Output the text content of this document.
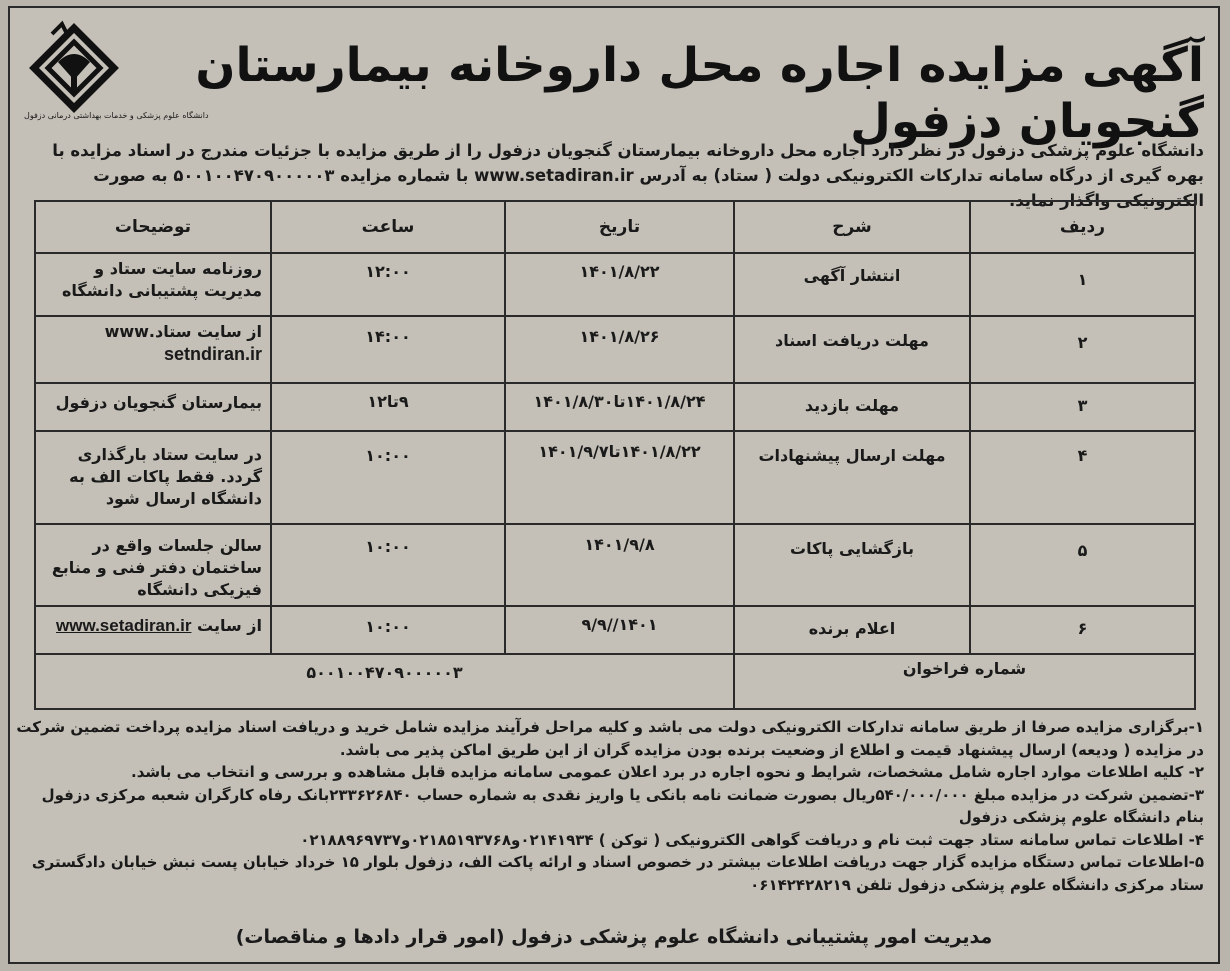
دانشگاه علوم پزشکی و خدمات بهداشتی درمانی دزفول
آگهی مزایده اجاره محل داروخانه بیمارستان گنجویان دزفول
دانشگاه علوم پزشکی دزفول در نظر دارد اجاره محل داروخانه بیمارستان گنجویان دزفول را از طریق مزایده با جزئیات مندرج در اسناد مزایده با بهره گیری از درگاه سامانه تدارکات الکترونیکی دولت ( ستاد) به آدرس www.setadiran.ir با شماره مزایده ۵۰۰۱۰۰۴۷۰۹۰۰۰۰۰۳ به صورت الکترونیکی واگذار نماید.
ردیف	شرح	تاریخ	ساعت	توضیحات
۱	انتشار آگهی	۱۴۰۱/۸/۲۲	۱۲:۰۰	روزنامه سایت ستاد و مدیریت پشتیبانی دانشگاه
۲	مهلت دریافت اسناد	۱۴۰۱/۸/۲۶	۱۴:۰۰	از سایت ستاد.www
setndiran.ir

۳	مهلت بازدید	۱۴۰۱/۸/۲۴تا۱۴۰۱/۸/۳۰	۹تا۱۲	بیمارستان گنجویان دزفول
۴	مهلت ارسال پیشنهادات	۱۴۰۱/۸/۲۲تا۱۴۰۱/۹/۷	۱۰:۰۰	در سایت ستاد بارگذاری گردد. فقط پاکات الف به دانشگاه ارسال شود
۵	بازگشایی پاکات	۱۴۰۱/۹/۸	۱۰:۰۰	سالن جلسات واقع در ساختمان دفتر فنی و منابع فیزیکی دانشگاه
۶	اعلام برنده	۱۴۰۱//۹/۹	۱۰:۰۰	از سایت www.setadiran.ir
شماره فراخوان		۵۰۰۱۰۰۴۷۰۹۰۰۰۰۰۳		

۱-برگزاری مزایده صرفا از طریق سامانه تدارکات الکترونیکی دولت می باشد و کلیه مراحل فرآیند مزایده شامل خرید و دریافت اسناد مزایده پرداخت تضمین شرکت در مزایده ( ودیعه) ارسال پیشنهاد قیمت و اطلاع از وضعیت برنده بودن مزایده گران از این طریق اماکن پذیر می باشد.

۲- کلیه اطلاعات موارد اجاره شامل مشخصات، شرایط و نحوه اجاره در برد اعلان عمومی سامانه مزایده قابل مشاهده و بررسی و انتخاب می باشد.

۳-تضمین شرکت در مزایده مبلغ ۵۴۰/۰۰۰/۰۰۰ریال بصورت ضمانت نامه بانکی یا واریز نقدی به شماره حساب ۲۳۳۶۲۶۸۴۰بانک رفاه کارگران شعبه مرکزی دزفول بنام دانشگاه علوم پزشکی دزفول

۴- اطلاعات تماس سامانه ستاد جهت ثبت نام و دریافت گواهی الکترونیکی ( توکن ) ۰۲۱۴۱۹۳۴و۰۲۱۸۵۱۹۳۷۶۸و۰۲۱۸۸۹۶۹۷۳۷

۵-اطلاعات تماس دستگاه مزایده گزار جهت دریافت اطلاعات بیشتر در خصوص اسناد و ارائه پاکت الف، دزفول بلوار ۱۵ خرداد خیابان پست نبش خیابان دادگستری ستاد مرکزی دانشگاه علوم پزشکی دزفول تلفن ۰۶۱۴۲۴۲۸۲۱۹

مدیریت امور پشتیبانی دانشگاه علوم پزشکی دزفول (امور قرار دادها و مناقصات)
